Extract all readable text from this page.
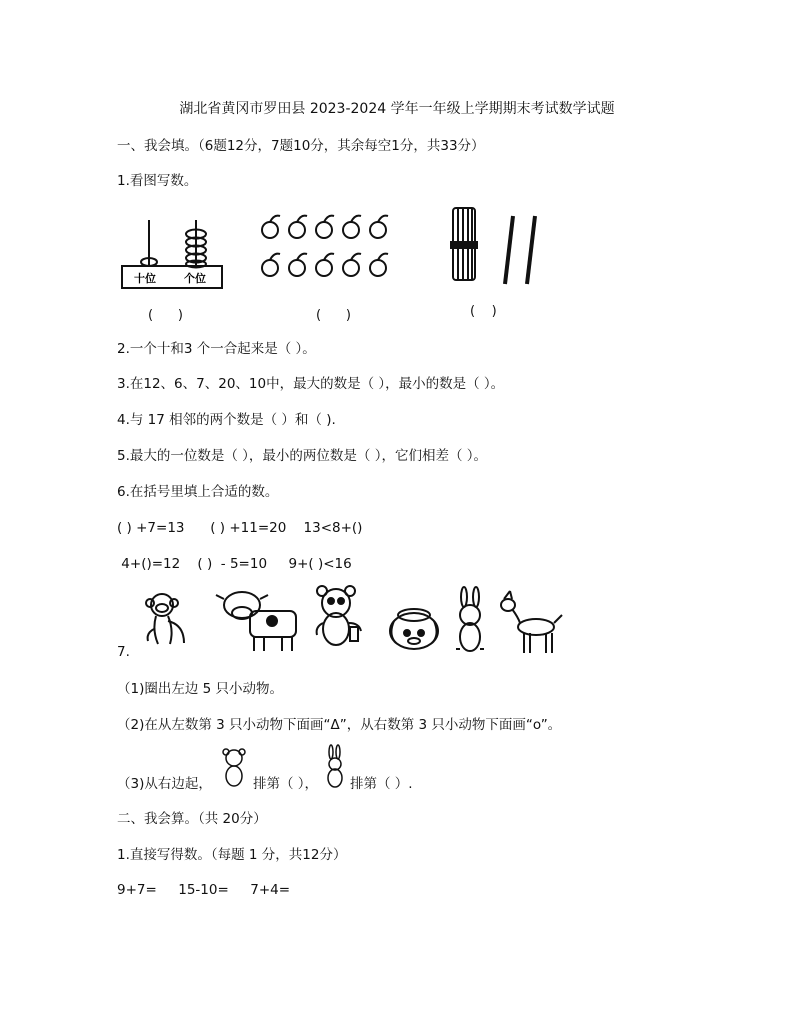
湖北省黄冈市罗田县 2023-2024 学年一年级上学期期末考试数学试题
一、我会填。（6题12分，7题10分，其余每空1分，共33分）
1.看图写数。
十位	个位
(      )	(      )	(    )
2.一个十和3 个一合起来是（ ）。
3.在12、6、7、20、10中，最大的数是（ ），最小的数是（ ）。
4.与 17 相邻的两个数是（ ）和（ ).
5.最大的一位数是（ ），最小的两位数是（ ），它们相差（ ）。
6.在括号里填上合适的数。
( ) +7=13      ( ) +11=20    13<8+()
4+()=12    ( )  - 5=10     9+( )<16
7.
（1)圈出左边 5 只小动物。
（2)在从左数第 3 只小动物下面画“Δ”，从右数第 3 只小动物下面画“o”。
（3)从右边起，	排第（ ）， 排第（ ）.
二、我会算。（共 20分）
1.直接写得数。（每题 1 分，共12分）
9+7=     15-10=     7+4=
